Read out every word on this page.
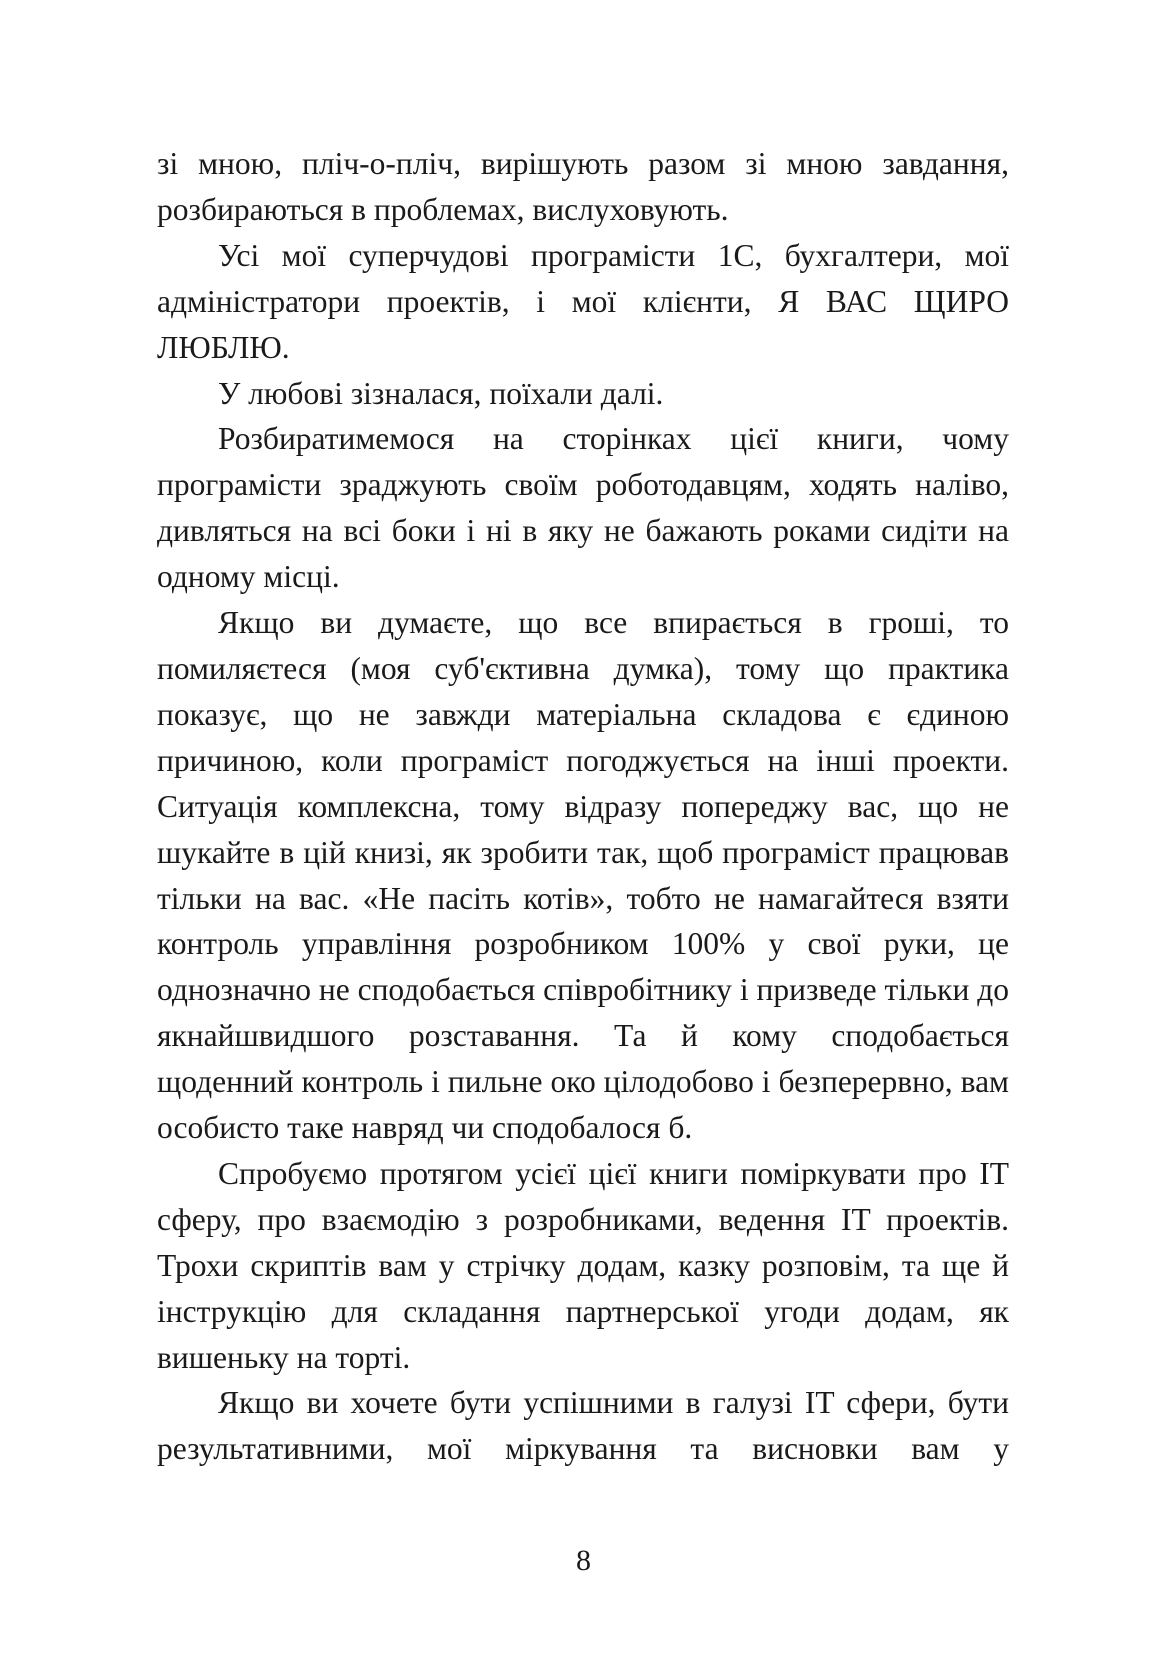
зі мною, пліч-о-пліч, вирішують разом зі мною завдання, розбираються в проблемах, вислуховують.

Усі мої суперчудові програмісти 1С, бухгалтери, мої адміністратори проектів, і мої клієнти, Я ВАС ЩИРО ЛЮБЛЮ.

У любові зізналася, поїхали далі.

Розбиратимемося на сторінках цієї книги, чому програмісти зраджують своїм роботодавцям, ходять наліво, дивляться на всі боки і ні в яку не бажають роками сидіти на одному місці.

Якщо ви думаєте, що все впирається в гроші, то помиляєтеся (моя суб'єктивна думка), тому що практика показує, що не завжди матеріальна складова є єдиною причиною, коли програміст погоджується на інші проекти. Ситуація комплексна, тому відразу попереджу вас, що не шукайте в цій книзі, як зробити так, щоб програміст працював тільки на вас. «Не пасіть котів», тобто не намагайтеся взяти контроль управління розробником 100% у свої руки, це однозначно не сподобається співробітнику і призведе тільки до якнайшвидшого розставання. Та й кому сподобається щоденний контроль і пильне око цілодобово і безперервно, вам особисто таке навряд чи сподобалося б.

Спробуємо протягом усієї цієї книги поміркувати про IT сферу, про взаємодію з розробниками, ведення IT проектів. Трохи скриптів вам у стрічку додам, казку розповім, та ще й інструкцію для складання партнерської угоди додам, як вишеньку на торті.

Якщо ви хочете бути успішними в галузі IT сфери, бути результативними, мої міркування та висновки вам у

8
